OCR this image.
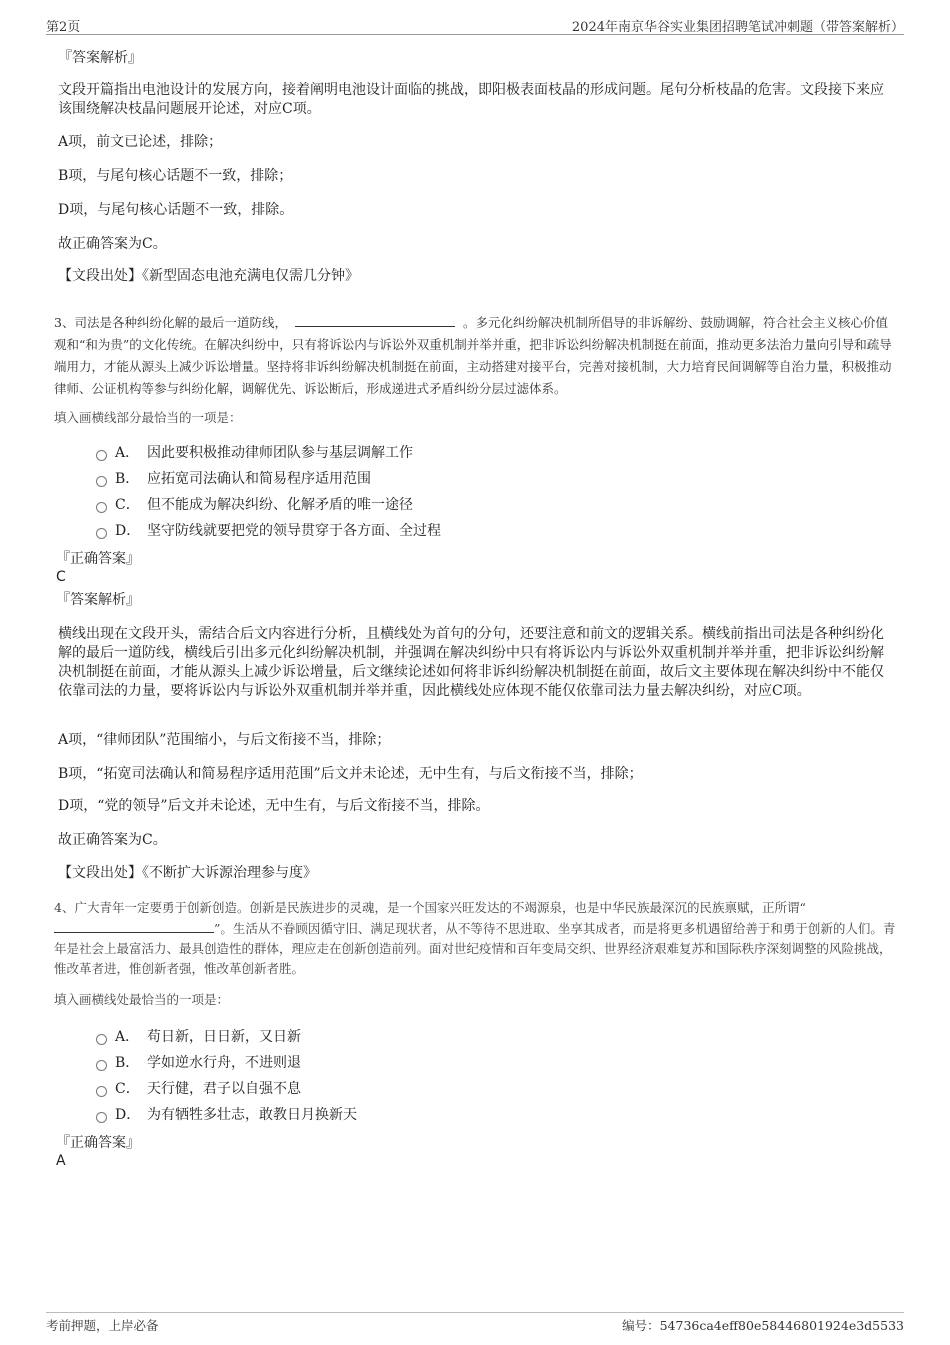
第2页	2024年南京华谷实业集团招聘笔试冲刺题（带答案解析）
『答案解析』
文段开篇指出电池设计的发展方向，接着阐明电池设计面临的挑战，即阳极表面枝晶的形成问题。尾句分析枝晶的危害。文段接下来应该围绕解决枝晶问题展开论述，对应C项。
A项，前文已论述，排除；
B项，与尾句核心话题不一致，排除；
D项，与尾句核心话题不一致，排除。
故正确答案为C。
【文段出处】《新型固态电池充满电仅需几分钟》
3、司法是各种纠纷化解的最后一道防线，	。多元化纠纷解决机制所倡导的非诉解纷、鼓励调解，符合社会主义核心价值观和“和为贵”的文化传统。在解决纠纷中，只有将诉讼内与诉讼外双重机制并举并重，把非诉讼纠纷解决机制挺在前面，推动更多法治力量向引导和疏导端用力，才能从源头上减少诉讼增量。坚持将非诉纠纷解决机制挺在前面，主动搭建对接平台，完善对接机制，大力培育民间调解等自治力量，积极推动律师、公证机构等参与纠纷化解，调解优先、诉讼断后，形成递进式矛盾纠纷分层过滤体系。
填入画横线部分最恰当的一项是：
A． 因此要积极推动律师团队参与基层调解工作
B． 应拓宽司法确认和简易程序适用范围
C． 但不能成为解决纠纷、化解矛盾的唯一途径
D． 坚守防线就要把党的领导贯穿于各方面、全过程
『正确答案』
C
『答案解析』
横线出现在文段开头，需结合后文内容进行分析，且横线处为首句的分句，还要注意和前文的逻辑关系。横线前指出司法是各种纠纷化解的最后一道防线，横线后引出多元化纠纷解决机制，并强调在解决纠纷中只有将诉讼内与诉讼外双重机制并举并重，把非诉讼纠纷解决机制挺在前面，才能从源头上减少诉讼增量，后文继续论述如何将非诉纠纷解决机制挺在前面，故后文主要体现在解决纠纷中不能仅依靠司法的力量，要将诉讼内与诉讼外双重机制并举并重，因此横线处应体现不能仅依靠司法力量去解决纠纷，对应C项。
A项，“律师团队”范围缩小，与后文衔接不当，排除；
B项，“拓宽司法确认和简易程序适用范围”后文并未论述，无中生有，与后文衔接不当，排除；
D项，“党的领导”后文并未论述，无中生有，与后文衔接不当，排除。
故正确答案为C。
【文段出处】《不断扩大诉源治理参与度》
4、广大青年一定要勇于创新创造。创新是民族进步的灵魂，是一个国家兴旺发达的不竭源泉，也是中华民族最深沉的民族禀赋，正所谓“”。生活从不眷顾因循守旧、满足现状者，从不等待不思进取、坐享其成者，而是将更多机遇留给善于和勇于创新的人们。青年是社会上最富活力、最具创造性的群体，理应走在创新创造前列。面对世纪疫情和百年变局交织、世界经济艰难复苏和国际秩序深刻调整的风险挑战，惟改革者进，惟创新者强，惟改革创新者胜。
填入画横线处最恰当的一项是：
A． 苟日新，日日新，又日新
B． 学如逆水行舟，不进则退
C． 天行健，君子以自强不息
D． 为有牺牲多壮志，敢教日月换新天
『正确答案』
A
考前押题，上岸必备	编号：54736ca4eff80e58446801924e3d5533
